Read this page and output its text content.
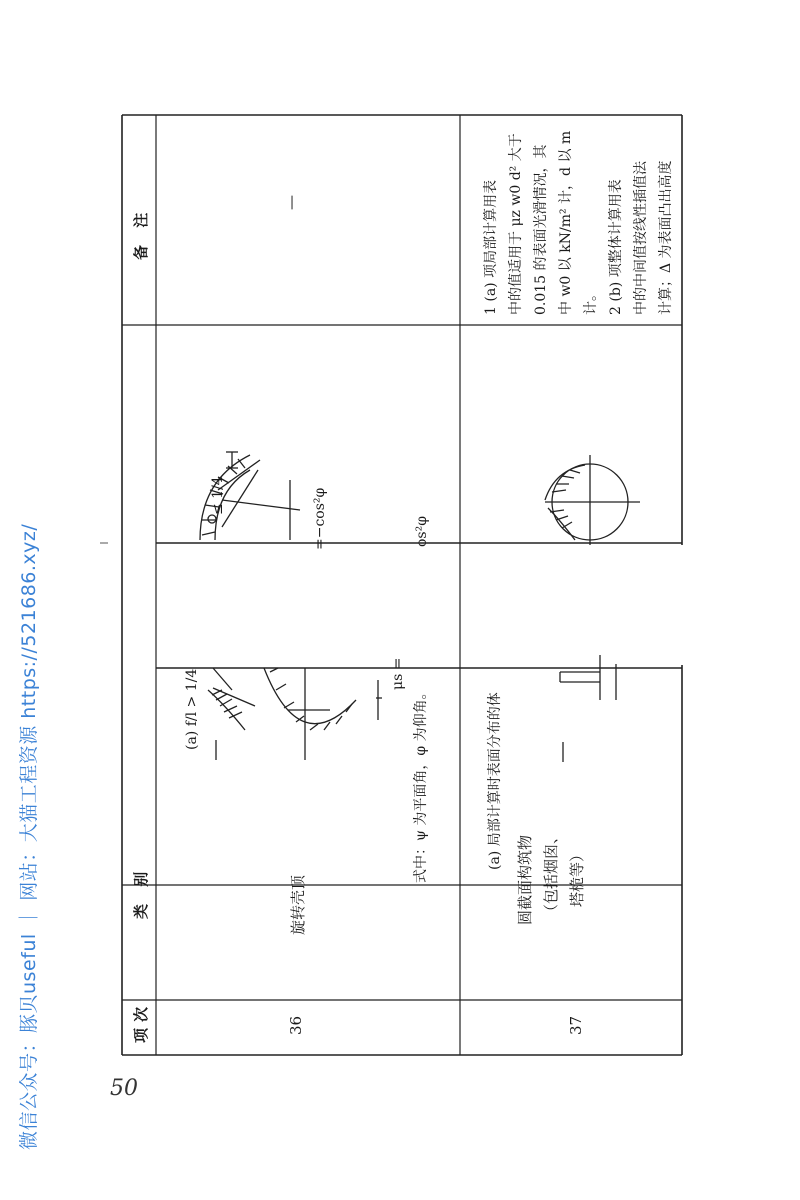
微信公众号：豚贝useful ｜ 网站：大猫工程资源 https://521686.xyz/	50
项次
类 别
备 注
36
旋转壳顶
(a) f/l > 1/4
≤ 1/4
μs =
=−cos²φ	os²φ
式中：ψ 为平面角，φ 为仰角。
—
37
圆截面构筑物 （包括烟囱、 塔桅等）
(a) 局部计算时表面分布的体
1 (a) 项局部计算用表 中的值适用于 μz w0 d² 大于 0.015 的表面光滑情况，其 中 w0 以 kN/m² 计，d 以 m 计。 2 (b) 项整体计算用表 中的中间值按线性插值法 计算；Δ 为表面凸出高度
